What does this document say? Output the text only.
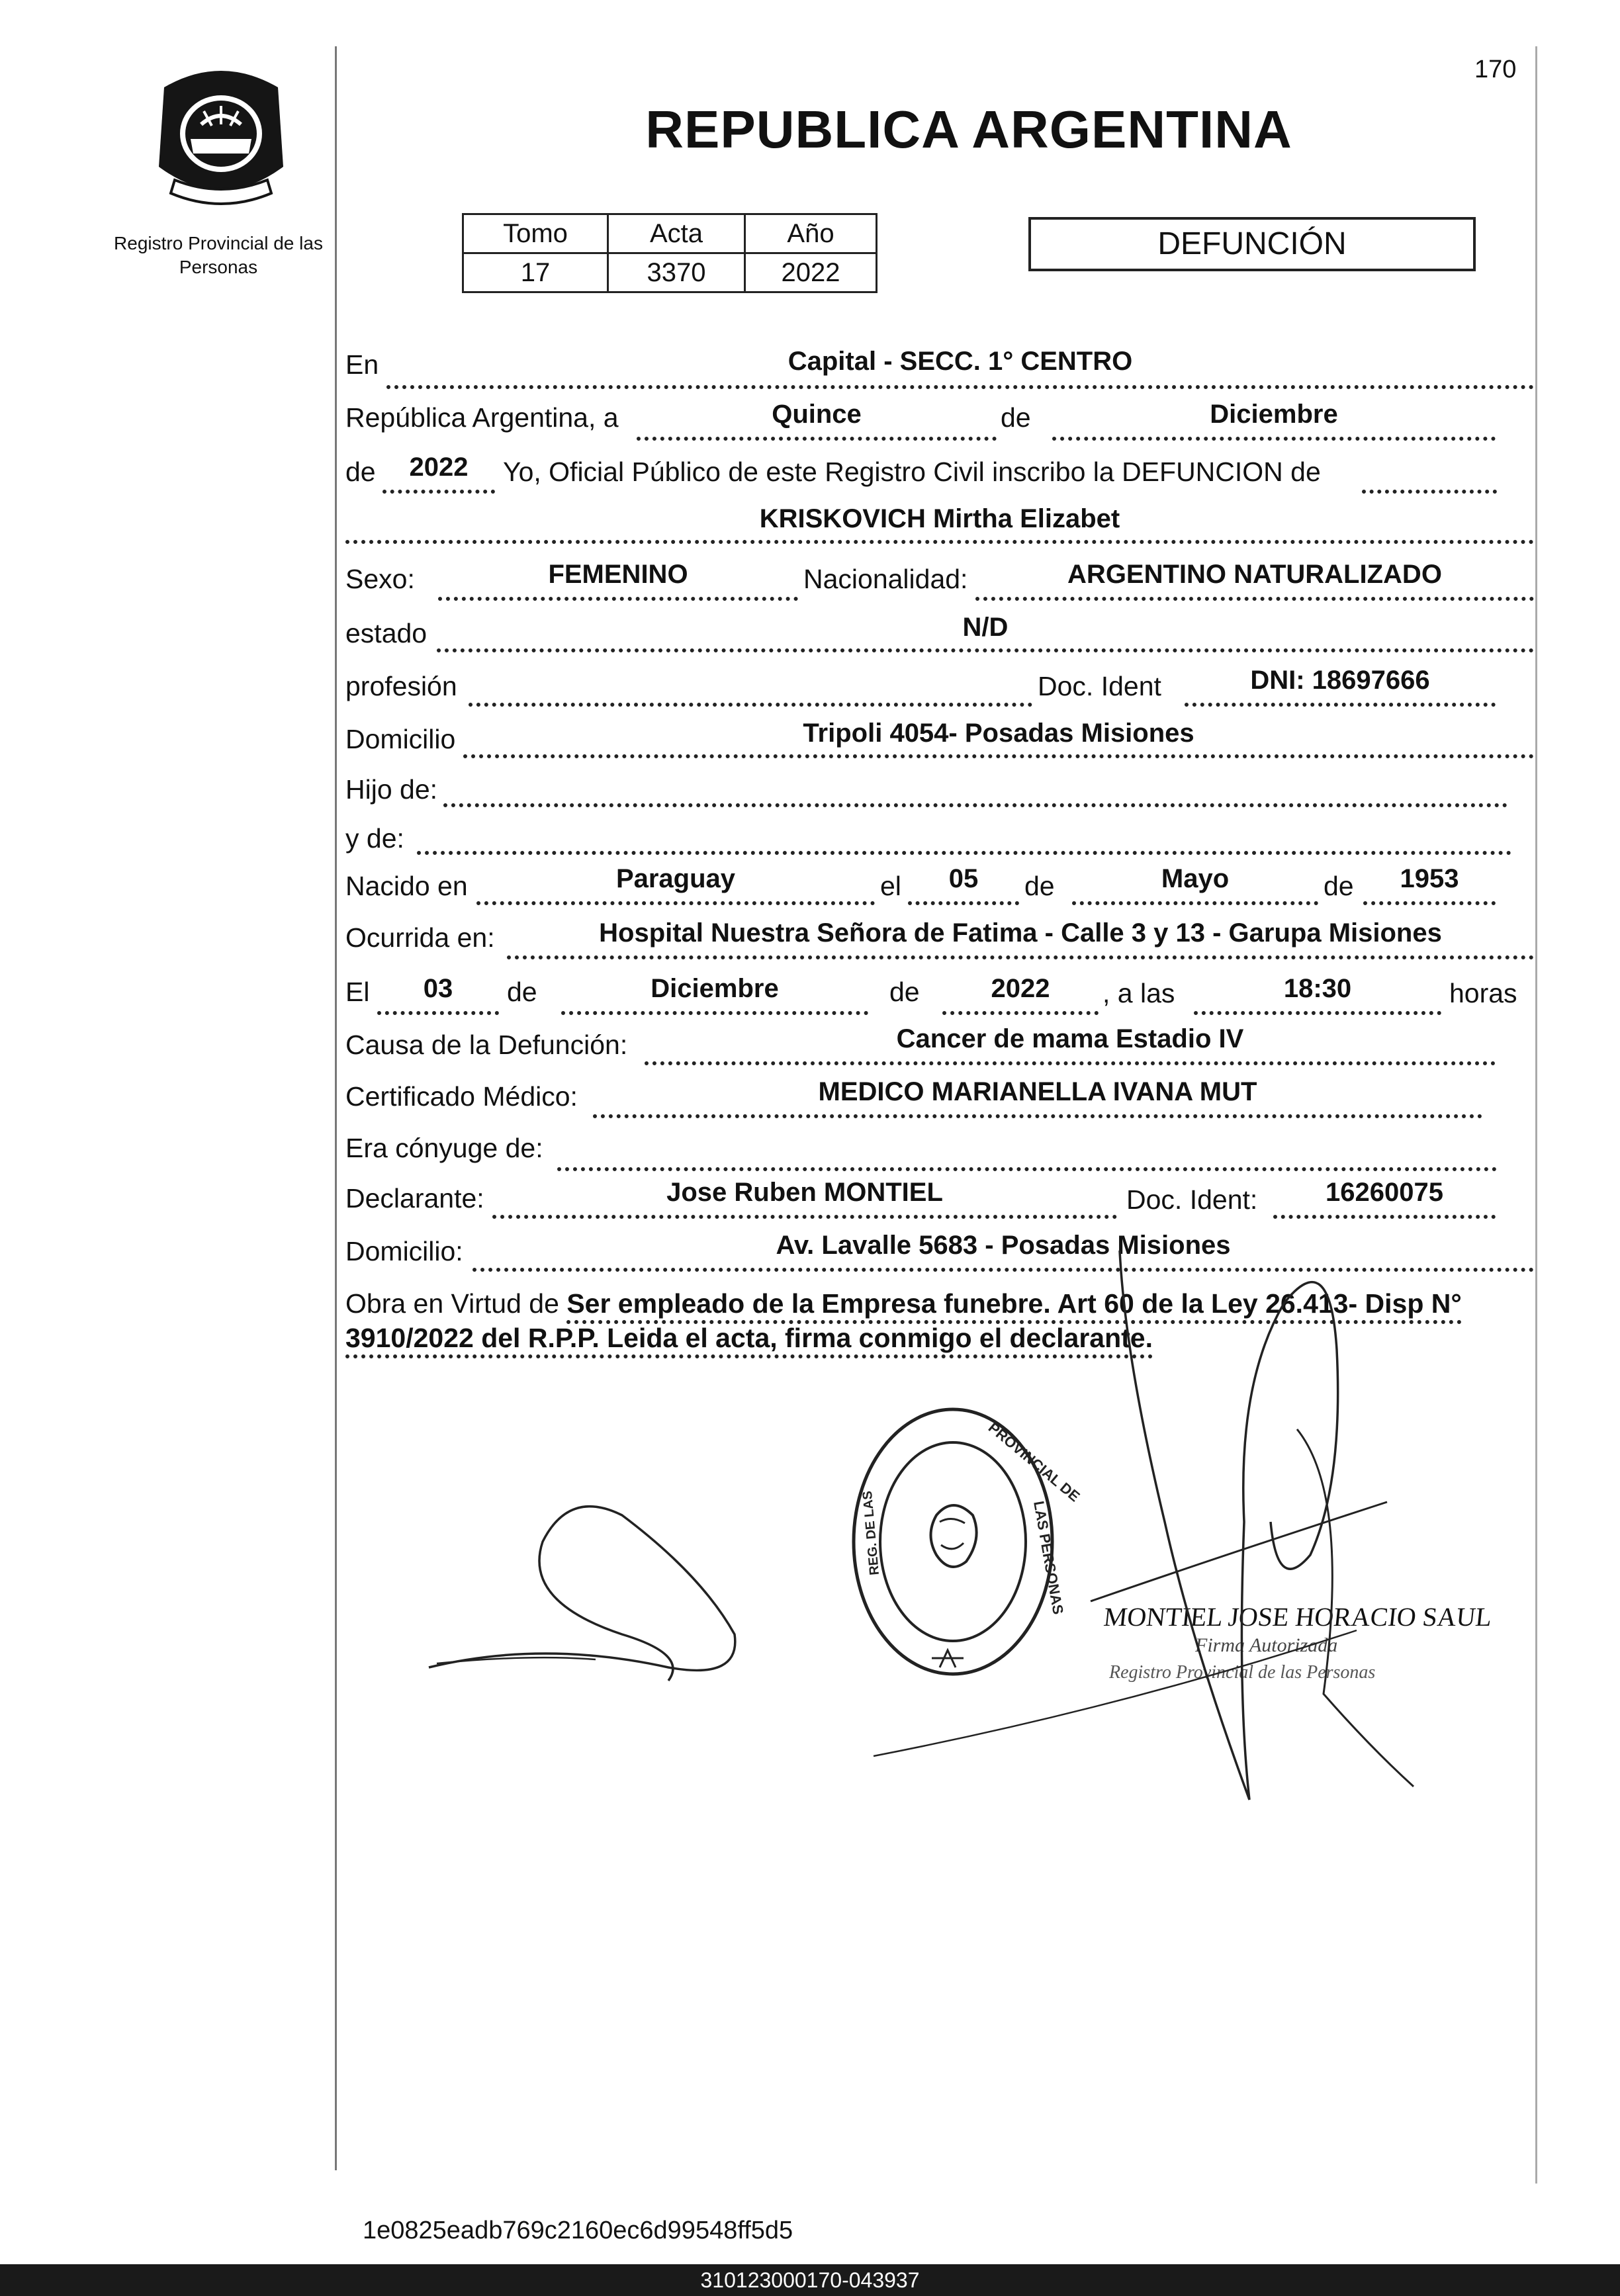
170
Registro Provincial de las Personas
REPUBLICA ARGENTINA
Tomo	Acta	Año
17	3370	2022
DEFUNCIÓN
En	Capital - SECC. 1° CENTRO
República Argentina, a	Quince	de	Diciembre
de	2022	Yo, Oficial Público de este Registro Civil inscribo la DEFUNCION de
KRISKOVICH Mirtha Elizabet
Sexo:	FEMENINO	Nacionalidad:	ARGENTINO NATURALIZADO
estado	N/D
profesión	Doc. Ident	DNI: 18697666
Domicilio	Tripoli 4054- Posadas Misiones
Hijo de:
y de:
Nacido en	Paraguay	el	05	de	Mayo	de	1953
Ocurrida en:	Hospital Nuestra Señora de Fatima - Calle 3 y 13 - Garupa Misiones
El	03	de	Diciembre	de	2022	, a las	18:30	horas
Causa de la Defunción:	Cancer de mama Estadio IV
Certificado Médico:	MEDICO MARIANELLA IVANA MUT
Era cónyuge de:
Declarante:	Jose Ruben MONTIEL	Doc. Ident:	16260075
Domicilio:	Av. Lavalle 5683 - Posadas Misiones
Obra en Virtud de Ser empleado de la Empresa funebre. Art 60 de la Ley 26.413- Disp N°
3910/2022 del R.P.P. Leida el acta, firma conmigo el declarante.
PROVINCIAL DE
LAS PERSONAS
REG. DE LAS
MONTIEL JOSE HORACIO SAUL
Firma Autorizada
Registro Provincial de las Personas
1e0825eadb769c2160ec6d99548ff5d5
310123000170-043937
